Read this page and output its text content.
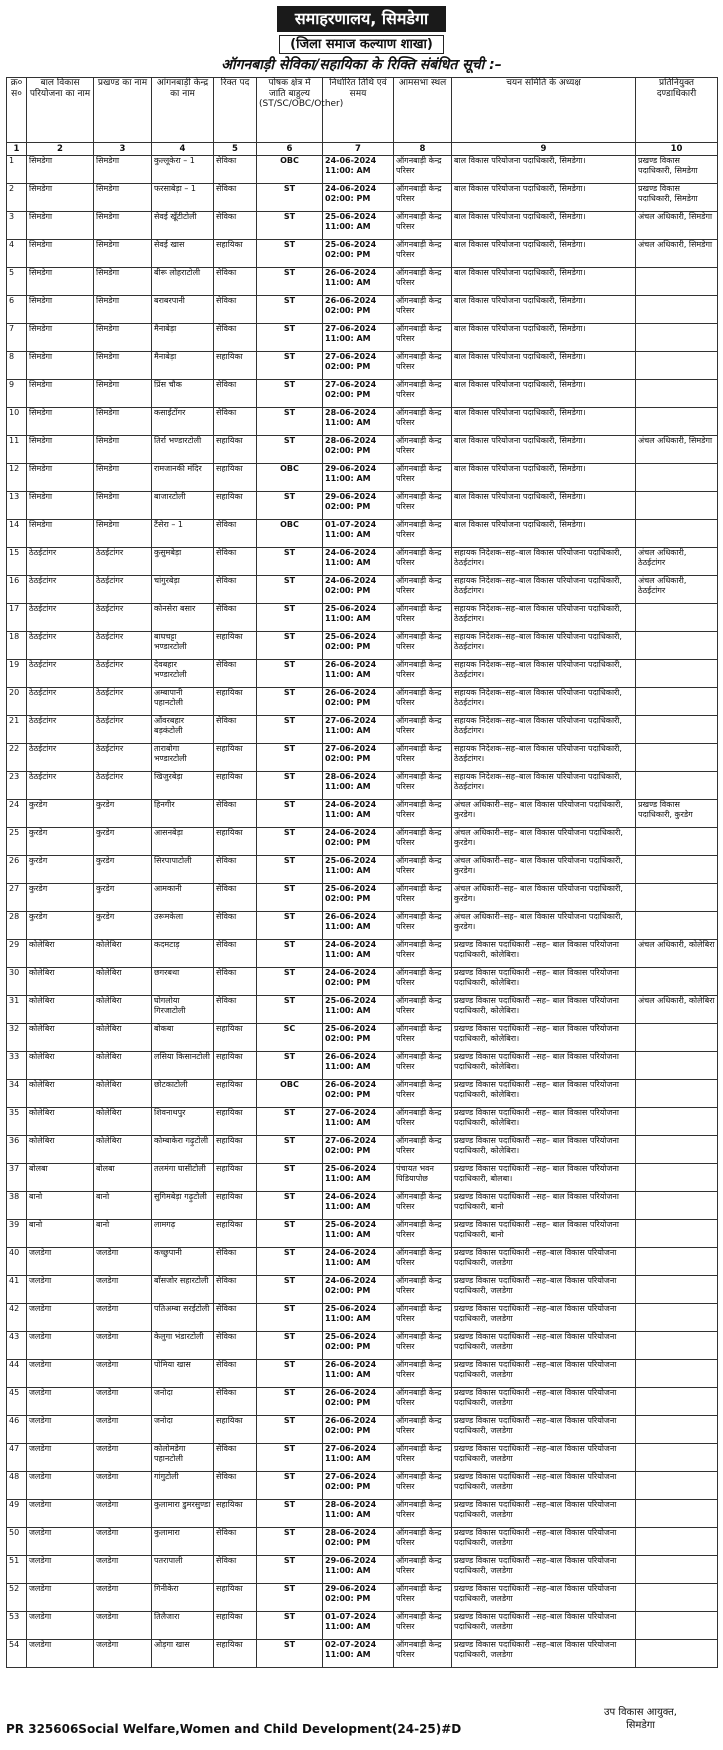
समाहरणालय, सिमडेगा
(जिला समाज कल्याण शाखा)
ऑगनबाड़ी सेविका/सहायिका के रिक्ति संबंधित सूची :–
क्र० स०	बाल विकास परियोजना का नाम	प्रखण्ड का नाम	आंगनबाड़ी केन्द्र का नाम	रिक्त पद	पोषक क्षेत्र में जाति बाहुल्य (ST/SC/OBC/Other)	निर्धारित तिथि एवं समय	आमसभा स्थल	चयन समिति के अध्यक्ष	प्रतिनियुक्त दण्डाधिकारी
1	2	3	4	5	6	7	8	9	10
1	सिमडेगा	सिमडेगा	कुल्लूकेरा – 1	सेविका	OBC	24-06-2024 11:00: AM	ऑगनबाड़ी केन्द्र परिसर	बाल विकास परियोजना पदाधिकारी, सिमडेगा।	प्रखण्ड विकास पदाधिकारी, सिमडेगा
2	सिमडेगा	सिमडेगा	फरसाबेड़ा – 1	सेविका	ST	24-06-2024 02:00: PM	ऑगनबाड़ी केन्द्र परिसर	बाल विकास परियोजना पदाधिकारी, सिमडेगा।	प्रखण्ड विकास पदाधिकारी, सिमडेगा
3	सिमडेगा	सिमडेगा	सेवई खूँटीटोली	सेविका	ST	25-06-2024 11:00: AM	ऑगनबाड़ी केन्द्र परिसर	बाल विकास परियोजना पदाधिकारी, सिमडेगा।	अंचल अधिकारी, सिमडेगा
4	सिमडेगा	सिमडेगा	सेवई खास	सहायिका	ST	25-06-2024 02:00: PM	ऑगनबाड़ी केन्द्र परिसर	बाल विकास परियोजना पदाधिकारी, सिमडेगा।	अंचल अधिकारी, सिमडेगा
5	सिमडेगा	सिमडेगा	बीरू लोहराटोली	सेविका	ST	26-06-2024 11:00: AM	ऑगनबाड़ी केन्द्र परिसर	बाल विकास परियोजना पदाधिकारी, सिमडेगा।	
6	सिमडेगा	सिमडेगा	बराबरपानी	सेविका	ST	26-06-2024 02:00: PM	ऑगनबाड़ी केन्द्र परिसर	बाल विकास परियोजना पदाधिकारी, सिमडेगा।	
7	सिमडेगा	सिमडेगा	मैनाबेड़ा	सेविका	ST	27-06-2024 11:00: AM	ऑगनबाड़ी केन्द्र परिसर	बाल विकास परियोजना पदाधिकारी, सिमडेगा।	
8	सिमडेगा	सिमडेगा	मैनाबेड़ा	सहायिका	ST	27-06-2024 02:00: PM	ऑगनबाड़ी केन्द्र परिसर	बाल विकास परियोजना पदाधिकारी, सिमडेगा।	
9	सिमडेगा	सिमडेगा	प्रिंस चौक	सेविका	ST	27-06-2024 02:00: PM	ऑगनबाड़ी केन्द्र परिसर	बाल विकास परियोजना पदाधिकारी, सिमडेगा।	
10	सिमडेगा	सिमडेगा	कसाईटोंगर	सेविका	ST	28-06-2024 11:00: AM	ऑगनबाड़ी केन्द्र परिसर	बाल विकास परियोजना पदाधिकारी, सिमडेगा।	
11	सिमडेगा	सिमडेगा	तिर्रा भण्डारटोली	सहायिका	ST	28-06-2024 02:00: PM	ऑगनबाड़ी केन्द्र परिसर	बाल विकास परियोजना पदाधिकारी, सिमडेगा।	अंचल अधिकारी, सिमडेगा
12	सिमडेगा	सिमडेगा	रामजानकी मंदिर	सहायिका	OBC	29-06-2024 11:00: AM	ऑगनबाड़ी केन्द्र परिसर	बाल विकास परियोजना पदाधिकारी, सिमडेगा।	
13	सिमडेगा	सिमडेगा	बाजारटोली	सहायिका	ST	29-06-2024 02:00: PM	ऑगनबाड़ी केन्द्र परिसर	बाल विकास परियोजना पदाधिकारी, सिमडेगा।	
14	सिमडेगा	सिमडेगा	टैंसेरा – 1	सेविका	OBC	01-07-2024 11:00: AM	ऑगनबाड़ी केन्द्र परिसर	बाल विकास परियोजना पदाधिकारी, सिमडेगा।	
15	ठेठईटांगर	ठेठईटांगर	कुसुमबेड़ा	सेविका	ST	24-06-2024 11:00: AM	ऑगनबाड़ी केन्द्र परिसर	सहायक निदेशक–सह–बाल विकास परियोजना पदाधिकारी, ठेठईटांगर।	अंचल अधिकारी, ठेठईटांगर
16	ठेठईटांगर	ठेठईटांगर	चांगुरबेड़ा	सेविका	ST	24-06-2024 02:00: PM	ऑगनबाड़ी केन्द्र परिसर	सहायक निदेशक–सह–बाल विकास परियोजना पदाधिकारी, ठेठईटांगर।	अंचल अधिकारी, ठेठईटांगर
17	ठेठईटांगर	ठेठईटांगर	कोनसेरा बसार	सेविका	ST	25-06-2024 11:00: AM	ऑगनबाड़ी केन्द्र परिसर	सहायक निदेशक–सह–बाल विकास परियोजना पदाधिकारी, ठेठईटांगर।	
18	ठेठईटांगर	ठेठईटांगर	बाघचट्टा भण्डारटोली	सहायिका	ST	25-06-2024 02:00: PM	ऑगनबाड़ी केन्द्र परिसर	सहायक निदेशक–सह–बाल विकास परियोजना पदाधिकारी, ठेठईटांगर।	
19	ठेठईटांगर	ठेठईटांगर	देवबहार भण्डारटोली	सेविका	ST	26-06-2024 11:00: AM	ऑगनबाड़ी केन्द्र परिसर	सहायक निदेशक–सह–बाल विकास परियोजना पदाधिकारी, ठेठईटांगर।	
20	ठेठईटांगर	ठेठईटांगर	अम्बापानी पहानटोली	सहायिका	ST	26-06-2024 02:00: PM	ऑगनबाड़ी केन्द्र परिसर	सहायक निदेशक–सह–बाल विकास परियोजना पदाधिकारी, ठेठईटांगर।	
21	ठेठईटांगर	ठेठईटांगर	ओंवरबहार बड़कंटोली	सेविका	ST	27-06-2024 11:00: AM	ऑगनबाड़ी केन्द्र परिसर	सहायक निदेशक–सह–बाल विकास परियोजना पदाधिकारी, ठेठईटांगर।	
22	ठेठईटांगर	ठेठईटांगर	ताराबोगा भण्डारटोली	सहायिका	ST	27-06-2024 02:00: PM	ऑगनबाड़ी केन्द्र परिसर	सहायक निदेशक–सह–बाल विकास परियोजना पदाधिकारी, ठेठईटांगर।	
23	ठेठईटांगर	ठेठईटांगर	खिजुरबेड़ा	सहायिका	ST	28-06-2024 11:00: AM	ऑगनबाड़ी केन्द्र परिसर	सहायक निदेशक–सह–बाल विकास परियोजना पदाधिकारी, ठेठईटांगर।	
24	कुरडेग	कुरडेग	हिनगीर	सेविका	ST	24-06-2024 11:00: AM	ऑगनबाड़ी केन्द्र परिसर	अंचल अधिकारी–सह– बाल विकास परियोजना पदाधिकारी, कुरडेग।	प्रखण्ड विकास पदाधिकारी, कुरडेग
25	कुरडेग	कुरडेग	आसनबेड़ा	सहायिका	ST	24-06-2024 02:00: PM	ऑगनबाड़ी केन्द्र परिसर	अंचल अधिकारी–सह– बाल विकास परियोजना पदाधिकारी, कुरडेग।	
26	कुरडेग	कुरडेग	सिरपापाटोली	सेविका	ST	25-06-2024 11:00: AM	ऑगनबाड़ी केन्द्र परिसर	अंचल अधिकारी–सह– बाल विकास परियोजना पदाधिकारी, कुरडेग।	
27	कुरडेग	कुरडेग	आमकानी	सेविका	ST	25-06-2024 02:00: PM	ऑगनबाड़ी केन्द्र परिसर	अंचल अधिकारी–सह– बाल विकास परियोजना पदाधिकारी, कुरडेग।	
28	कुरडेग	कुरडेग	उरूमकेला	सेविका	ST	26-06-2024 11:00: AM	ऑगनबाड़ी केन्द्र परिसर	अंचल अधिकारी–सह– बाल विकास परियोजना पदाधिकारी, कुरडेग।	
29	कोलेबिरा	कोलेबिरा	कदमटाड़	सेविका	ST	24-06-2024 11:00: AM	ऑगनबाड़ी केन्द्र परिसर	प्रखण्ड विकास पदाधिकारी –सह– बाल विकास परियोजना पदाधिकारी, कोलेबिरा।	अंचल अधिकारी, कोलेबिरा
30	कोलेबिरा	कोलेबिरा	छगरबथा	सेविका	ST	24-06-2024 02:00: PM	ऑगनबाड़ी केन्द्र परिसर	प्रखण्ड विकास पदाधिकारी –सह– बाल विकास परियोजना पदाधिकारी, कोलेबिरा।	
31	कोलेबिरा	कोलेबिरा	घोगलोया गिरजाटोली	सेविका	ST	25-06-2024 11:00: AM	ऑगनबाड़ी केन्द्र परिसर	प्रखण्ड विकास पदाधिकारी –सह– बाल विकास परियोजना पदाधिकारी, कोलेबिरा।	अंचल अधिकारी, कोलेबिरा
32	कोलेबिरा	कोलेबिरा	बोकबा	सहायिका	SC	25-06-2024 02:00: PM	ऑगनबाड़ी केन्द्र परिसर	प्रखण्ड विकास पदाधिकारी –सह– बाल विकास परियोजना पदाधिकारी, कोलेबिरा।	
33	कोलेबिरा	कोलेबिरा	लसिया किसानटोली	सहायिका	ST	26-06-2024 11:00: AM	ऑगनबाड़ी केन्द्र परिसर	प्रखण्ड विकास पदाधिकारी –सह– बाल विकास परियोजना पदाधिकारी, कोलेबिरा।	
34	कोलेबिरा	कोलेबिरा	छोटकाटोली	सहायिका	OBC	26-06-2024 02:00: PM	ऑगनबाड़ी केन्द्र परिसर	प्रखण्ड विकास पदाधिकारी –सह– बाल विकास परियोजना पदाधिकारी, कोलेबिरा।	
35	कोलेबिरा	कोलेबिरा	शिवनाथपुर	सहायिका	ST	27-06-2024 11:00: AM	ऑगनबाड़ी केन्द्र परिसर	प्रखण्ड विकास पदाधिकारी –सह– बाल विकास परियोजना पदाधिकारी, कोलेबिरा।	
36	कोलेबिरा	कोलेबिरा	कोम्बाकेरा गढ़ुटोली	सहायिका	ST	27-06-2024 02:00: PM	ऑगनबाड़ी केन्द्र परिसर	प्रखण्ड विकास पदाधिकारी –सह– बाल विकास परियोजना पदाधिकारी, कोलेबिरा।	
37	बोलबा	बोलबा	तलमंगा घासीटोली	सहायिका	ST	25-06-2024 11:00: AM	पंचायत भवन पिडियापोछ	प्रखण्ड विकास पदाधिकारी –सह– बाल विकास परियोजना पदाधिकारी, बोलबा।	
38	बानो	बानो	सुगिमबेड़ा गढ़ुटोली	सहायिका	ST	24-06-2024 11:00: AM	ऑगनबाड़ी केन्द्र परिसर	प्रखण्ड विकास पदाधिकारी –सह– बाल विकास परियोजना पदाधिकारी, बानो	
39	बानो	बानो	लामगढ़	सहायिका	ST	25-06-2024 11:00: AM	ऑगनबाड़ी केन्द्र परिसर	प्रखण्ड विकास पदाधिकारी –सह– बाल विकास परियोजना पदाधिकारी, बानो	
40	जलडेगा	जलडेगा	कच्छुपानी	सेविका	ST	24-06-2024 11:00: AM	ऑगनबाड़ी केन्द्र परिसर	प्रखण्ड विकास पदाधिकारी –सह–बाल विकास परियोजना पदाधिकारी, जलडेगा	
41	जलडेगा	जलडेगा	बाँसजोर सहारटोली	सेविका	ST	24-06-2024 02:00: PM	ऑगनबाड़ी केन्द्र परिसर	प्रखण्ड विकास पदाधिकारी –सह–बाल विकास परियोजना पदाधिकारी, जलडेगा	
42	जलडेगा	जलडेगा	पतिअम्बा सरईटोली	सेविका	ST	25-06-2024 11:00: AM	ऑगनबाड़ी केन्द्र परिसर	प्रखण्ड विकास पदाधिकारी –सह–बाल विकास परियोजना पदाधिकारी, जलडेगा	
43	जलडेगा	जलडेगा	केलुगा भंडारटोली	सेविका	ST	25-06-2024 02:00: PM	ऑगनबाड़ी केन्द्र परिसर	प्रखण्ड विकास पदाधिकारी –सह–बाल विकास परियोजना पदाधिकारी, जलडेगा	
44	जलडेगा	जलडेगा	पोमिया खास	सेविका	ST	26-06-2024 11:00: AM	ऑगनबाड़ी केन्द्र परिसर	प्रखण्ड विकास पदाधिकारी –सह–बाल विकास परियोजना पदाधिकारी, जलडेगा	
45	जलडेगा	जलडेगा	जनोदा	सेविका	ST	26-06-2024 02:00: PM	ऑगनबाड़ी केन्द्र परिसर	प्रखण्ड विकास पदाधिकारी –सह–बाल विकास परियोजना पदाधिकारी, जलडेगा	
46	जलडेगा	जलडेगा	जनोदा	सहायिका	ST	26-06-2024 02:00: PM	ऑगनबाड़ी केन्द्र परिसर	प्रखण्ड विकास पदाधिकारी –सह–बाल विकास परियोजना पदाधिकारी, जलडेगा	
47	जलडेगा	जलडेगा	कोलोमडेगा पहानटोली	सेविका	ST	27-06-2024 11:00: AM	ऑगनबाड़ी केन्द्र परिसर	प्रखण्ड विकास पदाधिकारी –सह–बाल विकास परियोजना पदाधिकारी, जलडेगा	
48	जलडेगा	जलडेगा	गांगुटोली	सेविका	ST	27-06-2024 02:00: PM	ऑगनबाड़ी केन्द्र परिसर	प्रखण्ड विकास पदाधिकारी –सह–बाल विकास परियोजना पदाधिकारी, जलडेगा	
49	जलडेगा	जलडेगा	कुलामारा डुमरसुण्डा	सहायिका	ST	28-06-2024 11:00: AM	ऑगनबाड़ी केन्द्र परिसर	प्रखण्ड विकास पदाधिकारी –सह–बाल विकास परियोजना पदाधिकारी, जलडेगा	
50	जलडेगा	जलडेगा	कुलामारा	सेविका	ST	28-06-2024 02:00: PM	ऑगनबाड़ी केन्द्र परिसर	प्रखण्ड विकास पदाधिकारी –सह–बाल विकास परियोजना पदाधिकारी, जलडेगा	
51	जलडेगा	जलडेगा	पतरापाली	सेविका	ST	29-06-2024 11:00: AM	ऑगनबाड़ी केन्द्र परिसर	प्रखण्ड विकास पदाधिकारी –सह–बाल विकास परियोजना पदाधिकारी, जलडेगा	
52	जलडेगा	जलडेगा	गिनीकेरा	सहायिका	ST	29-06-2024 02:00: PM	ऑगनबाड़ी केन्द्र परिसर	प्रखण्ड विकास पदाधिकारी –सह–बाल विकास परियोजना पदाधिकारी, जलडेगा	
53	जलडेगा	जलडेगा	तिलैजारा	सहायिका	ST	01-07-2024 11:00: AM	ऑगनबाड़ी केन्द्र परिसर	प्रखण्ड विकास पदाधिकारी –सह–बाल विकास परियोजना पदाधिकारी, जलडेगा	
54	जलडेगा	जलडेगा	ओड़गा खास	सहायिका	ST	02-07-2024 11:00: AM	ऑगनबाड़ी केन्द्र परिसर	प्रखण्ड विकास पदाधिकारी –सह–बाल विकास परियोजना पदाधिकारी, जलडेगा	
उप विकास आयुक्त,
सिमडेगा
PR 325606Social Welfare,Women and Child Development(24-25)#D
